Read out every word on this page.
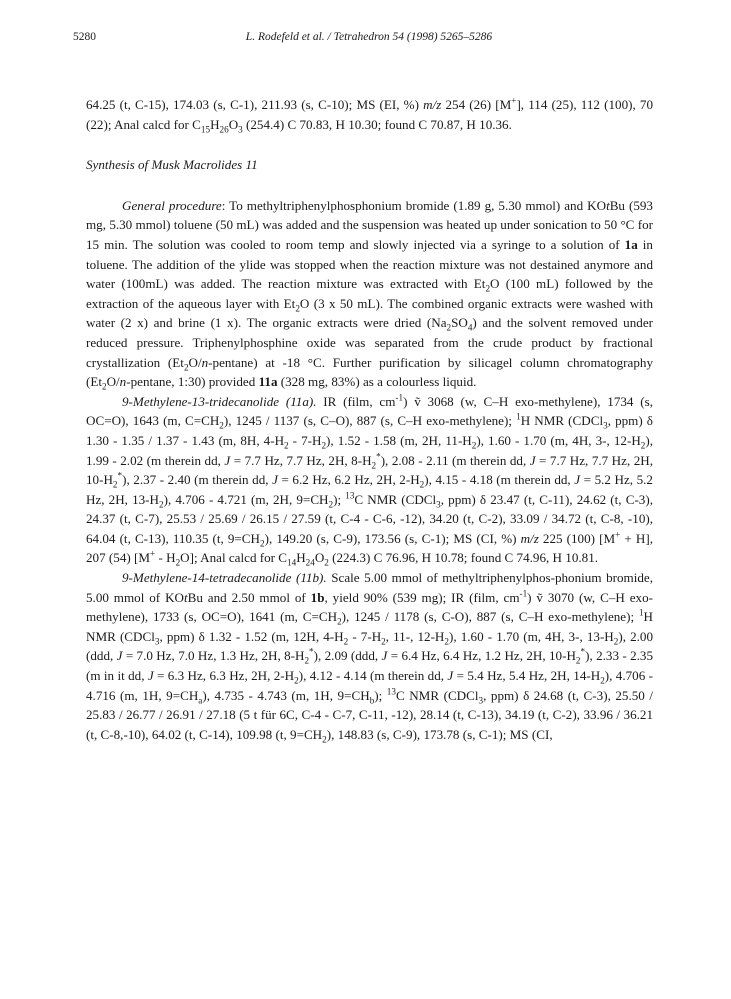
5280	L. Rodefeld et al. / Tetrahedron 54 (1998) 5265–5286

64.25 (t, C-15), 174.03 (s, C-1), 211.93 (s, C-10); MS (EI, %) m/z 254 (26) [M+], 114 (25), 112 (100), 70 (22); Anal calcd for $C_{15}H_{26}O_3$ (254.4) C 70.83, H 10.30; found C 70.87, H 10.36.

Synthesis of Musk Macrolides 11

General procedure: To methyltriphenylphosphonium bromide (1.89 g, 5.30 mmol) and KOtBu (593 mg, 5.30 mmol) toluene (50 mL) was added and the suspension was heated up under sonication to 50 °C for 15 min. The solution was cooled to room temp and slowly injected via a syringe to a solution of 1a in toluene. The addition of the ylide was stopped when the reaction mixture was not destained anymore and water (100mL) was added. The reaction mixture was extracted with $Et_2O$ (100 mL) followed by the extraction of the aqueous layer with $Et_2O$ (3 x 50 mL). The combined organic extracts were washed with water (2 x) and brine (1 x). The organic extracts were dried $(Na_2SO_4)$ and the solvent removed under reduced pressure. Triphenylphosphine oxide was separated from the crude product by fractional crystallization $(Et_2O/n-pentane)$ at -18 °C. Further purification by silicagel column chromatography ($Et_2O/n$-pentane, 1:30) provided 11a (328 mg, 83%) as a colourless liquid.

9-Methylene-13-tridecanolide (11a). IR (film, $cm^{-1}$) ṽ 3068 (w, C–H exo-methylene), 1734 (s, OC=O), 1643 (m, $C=CH_2$), 1245 / 1137 (s, C–O), 887 (s, C–H exo-methylene); $^1$H NMR (CDCl$_3$, ppm) δ 1.30 - 1.35 / 1.37 - 1.43 (m, 8H, $4-H_2 - 7-H_2$), 1.52 - 1.58 (m, 2H, $11-H_2$), 1.60 - 1.70 (m, 4H, 3-, $12-H_2$), 1.99 - 2.02 (m therein dd, J = 7.7 Hz, 7.7 Hz, 2H, $8-H_2^*$), 2.08 - 2.11 (m therein dd, J = 7.7 Hz, 7.7 Hz, 2H, $10-H_2^*$), 2.37 - 2.40 (m therein dd, J = 6.2 Hz, 6.2 Hz, 2H, $2-H_2$), 4.15 - 4.18 (m therein dd, J = 5.2 Hz, 5.2 Hz, 2H, $13-H_2$), 4.706 - 4.721 (m, 2H, $9=CH_2$); $^{13}$C NMR (CDCl$_3$, ppm) δ 23.47 (t, C-11), 24.62 (t, C-3), 24.37 (t, C-7), 25.53 / 25.69 / 26.15 / 27.59 (t, C-4 - C-6, -12), 34.20 (t, C-2), 33.09 / 34.72 (t, C-8, -10), 64.04 (t, C-13), 110.35 (t, $9=CH_2$), 149.20 (s, C-9), 173.56 (s, C-1); MS (CI, %) m/z 225 (100) [M+ + H], 207 (54) $[M^+ - H_2O]$; Anal calcd for $C_{14}H_{24}O_2$ (224.3) C 76.96, H 10.78; found C 74.96, H 10.81.

9-Methylene-14-tetradecanolide (11b). Scale 5.00 mmol of methyltriphenylphos-phonium bromide, 5.00 mmol of KOtBu and 2.50 mmol of 1b, yield 90% (539 mg); IR (film, $cm^{-1}$) ṽ 3070 (w, C–H exo-methylene), 1733 (s, OC=O), 1641 (m, $C=CH_2$), 1245 / 1178 (s, C-O), 887 (s, C–H exo-methylene); $^1$H NMR (CDCl$_3$, ppm) δ 1.32 - 1.52 (m, 12H, $4-H_2 - 7-H_2$, 11-, $12-H_2$), 1.60 - 1.70 (m, 4H, 3-, $13-H_2$), 2.00 (ddd, J = 7.0 Hz, 7.0 Hz, 1.3 Hz, 2H, $8-H_2^*$), 2.09 (ddd, J = 6.4 Hz, 6.4 Hz, 1.2 Hz, 2H, $10-H_2^*$), 2.33 - 2.35 (m in it dd, J = 6.3 Hz, 6.3 Hz, 2H, $2-H_2$), 4.12 - 4.14 (m therein dd, J = 5.4 Hz, 5.4 Hz, 2H, $14-H_2$), 4.706 - 4.716 (m, 1H, $9=CH_a$), 4.735 - 4.743 (m, 1H, $9=CH_b$); $^{13}$C NMR (CDCl$_3$, ppm) δ 24.68 (t, C-3), 25.50 / 25.83 / 26.77 / 26.91 / 27.18 (5 t für 6C, C-4 - C-7, C-11, -12), 28.14 (t, C-13), 34.19 (t, C-2), 33.96 / 36.21 (t, C-8,-10), 64.02 (t, C-14), 109.98 (t, $9=CH_2$), 148.83 (s, C-9), 173.78 (s, C-1); MS (CI,
